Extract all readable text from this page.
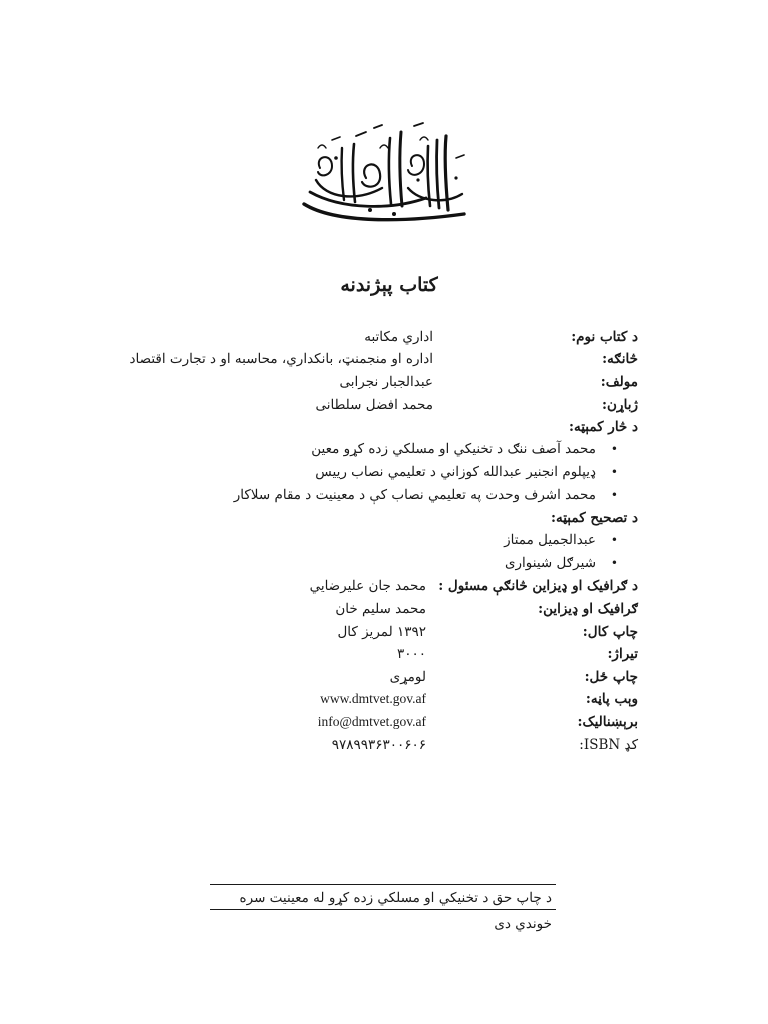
کتاب پېژندنه
د کتاب نوم:
اداري مکاتبه
څانګه:
اداره او منجمنټ، بانکداري، محاسبه او د تجارت اقتصاد
مولف:
عبدالجبار نجرابی
ژباړن:
محمد افضل سلطانی
د څار کمېټه:
•
محمد آصف ننګ د تخنیکي او مسلکي زده کړو معین
•
ډیپلوم انجنیر عبدالله کوزاني د تعلیمي نصاب رییس
•
محمد اشرف وحدت په تعلیمي نصاب کې د معینیت د مقام سلاکار
د تصحیح کمېټه:
•
عبدالجمیل ممتاز
•
شیرګل شینواری
د ګرافیک او ډیزاین څانګې مسئول :
محمد جان علیرضایي
ګرافیک او ډیزاین:
محمد سلیم خان
چاپ کال:
۱۳۹۲ لمریز کال
تیراژ:
۳۰۰۰
چاپ ځل:
لومړی
وېب پاڼه:
www.dmtvet.gov.af
برېښنالیک:
info@dmtvet.gov.af
کډ ISBN:
۹۷۸۹۹۳۶۳۰۰۶۰۶
د چاپ حق د تخنیکي او مسلکي زده کړو له معینیت سره خوندي دی
